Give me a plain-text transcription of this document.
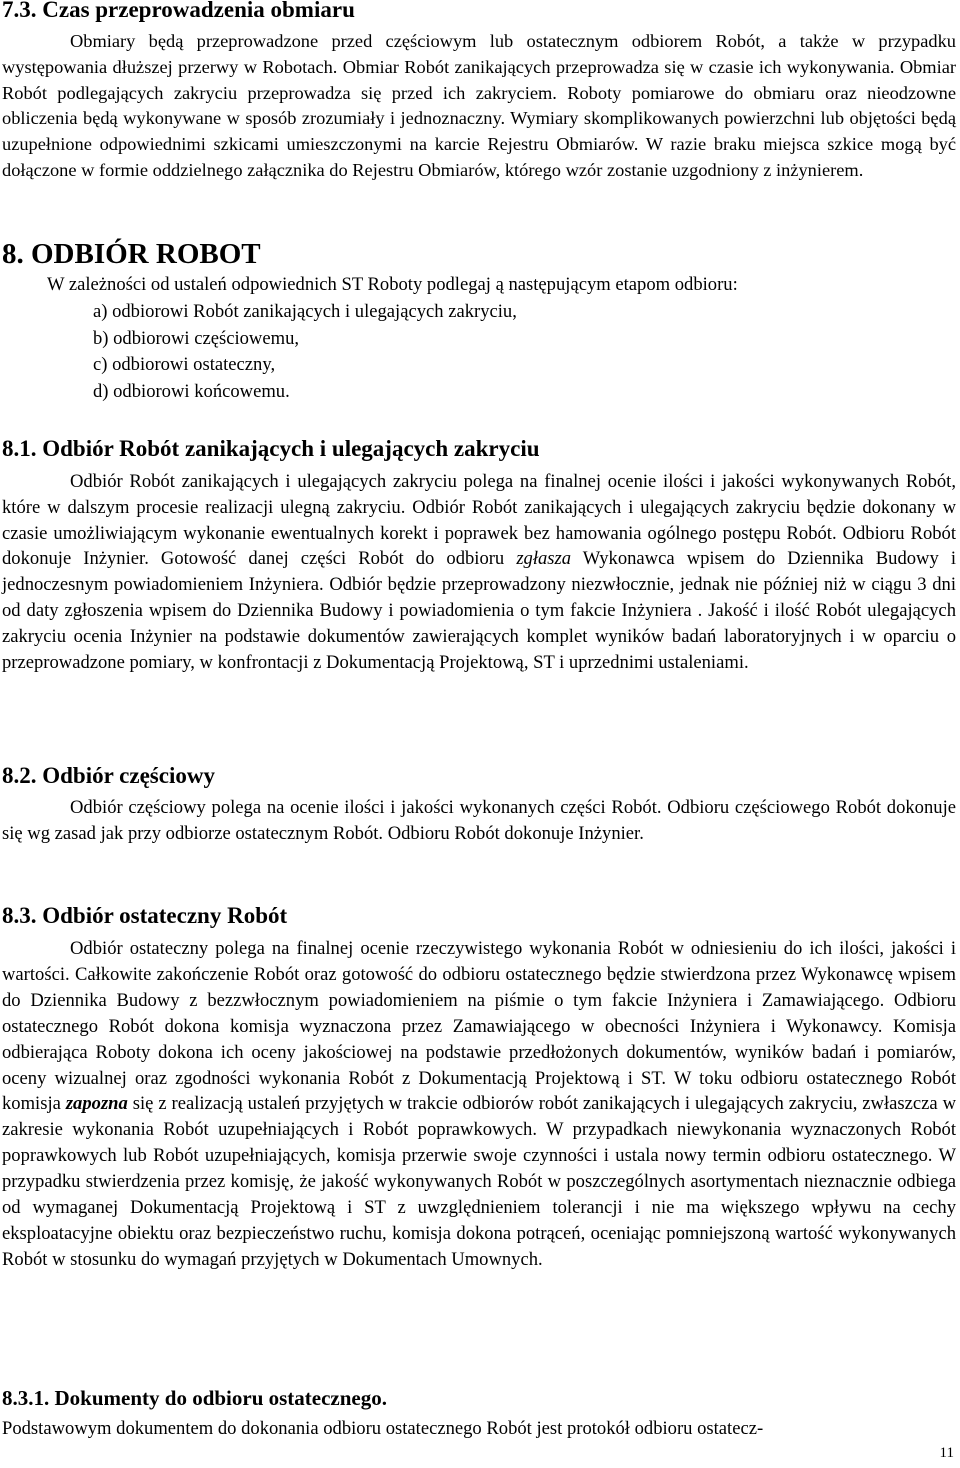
7.3. Czas przeprowadzenia obmiaru

Obmiary będą przeprowadzone przed częściowym lub ostatecznym odbiorem Robót, a także w przypadku występowania dłuższej przerwy w Robotach. Obmiar Robót zanikających przeprowadza się w czasie ich wykonywania. Obmiar Robót podlegających zakryciu przeprowadza się przed ich zakryciem. Roboty pomiarowe do obmiaru oraz nieodzowne obliczenia będą wykonywane w sposób zrozumiały i jednoznaczny. Wymiary skomplikowanych powierzchni lub objętości będą uzupełnione odpowiednimi szkicami umieszczonymi na karcie Rejestru Obmiarów. W razie braku miejsca szkice mogą być dołączone w formie oddzielnego załącznika do Rejestru Obmiarów, którego wzór zostanie uzgodniony z inżynierem.

8. ODBIÓR ROBOT

W zależności od ustaleń odpowiednich ST Roboty podlegaj ą następującym etapom odbioru:

a) odbiorowi Robót zanikających i ulegających zakryciu,
b) odbiorowi częściowemu,
c) odbiorowi ostateczny,
d) odbiorowi końcowemu.
8.1. Odbiór Robót zanikających i ulegających zakryciu

Odbiór Robót zanikających i ulegających zakryciu polega na finalnej ocenie ilości i jakości wykonywanych Robót, które w dalszym procesie realizacji ulegną zakryciu. Odbiór Robót zanikających i ulegających zakryciu będzie dokonany w czasie umożliwiającym wykonanie ewentualnych korekt i poprawek bez hamowania ogólnego postępu Robót. Odbioru Robót dokonuje Inżynier. Gotowość danej części Robót do odbioru zgłasza Wykonawca wpisem do Dziennika Budowy i jednoczesnym powiadomieniem Inżyniera. Odbiór będzie przeprowadzony niezwłocznie, jednak nie później niż w ciągu 3 dni od daty zgłoszenia wpisem do Dziennika Budowy i powiadomienia o tym fakcie Inżyniera . Jakość i ilość Robót ulegających zakryciu ocenia Inżynier na podstawie dokumentów zawierających komplet wyników badań laboratoryjnych i w oparciu o przeprowadzone pomiary, w konfrontacji z Dokumentacją Projektową, ST i uprzednimi ustaleniami.

8.2. Odbiór częściowy

Odbiór częściowy polega na ocenie ilości i jakości wykonanych części Robót. Odbioru częściowego Robót dokonuje się wg zasad jak przy odbiorze ostatecznym Robót. Odbioru Robót dokonuje Inżynier.

8.3. Odbiór ostateczny Robót

Odbiór ostateczny polega na finalnej ocenie rzeczywistego wykonania Robót w odniesieniu do ich ilości, jakości i wartości. Całkowite zakończenie Robót oraz gotowość do odbioru ostatecznego będzie stwierdzona przez Wykonawcę wpisem do Dziennika Budowy z bezzwłocznym powiadomieniem na piśmie o tym fakcie Inżyniera i Zamawiającego. Odbioru ostatecznego Robót dokona komisja wyznaczona przez Zamawiającego w obecności Inżyniera i Wykonawcy. Komisja odbierająca Roboty dokona ich oceny jakościowej na podstawie przedłożonych dokumentów, wyników badań i pomiarów, oceny wizualnej oraz zgodności wykonania Robót z Dokumentacją Projektową i ST. W toku odbioru ostatecznego Robót komisja zapozna się z realizacją ustaleń przyjętych w trakcie odbiorów robót zanikających i ulegających zakryciu, zwłaszcza w zakresie wykonania Robót uzupełniających i Robót poprawkowych. W przypadkach niewykonania wyznaczonych Robót poprawkowych lub Robót uzupełniających, komisja przerwie swoje czynności i ustala nowy termin odbioru ostatecznego. W przypadku stwierdzenia przez komisję, że jakość wykonywanych Robót w poszczególnych asortymentach nieznacznie odbiega od wymaganej Dokumentacją Projektową i ST z uwzględnieniem tolerancji i nie ma większego wpływu na cechy eksploatacyjne obiektu oraz bezpieczeństwo ruchu, komisja dokona potrąceń, oceniając pomniejszoną wartość wykonywanych Robót w stosunku do wymagań przyjętych w Dokumentach Umownych.

8.3.1. Dokumenty do odbioru ostatecznego.

Podstawowym dokumentem do dokonania odbioru ostatecznego Robót jest protokół odbioru ostatecz-

11
